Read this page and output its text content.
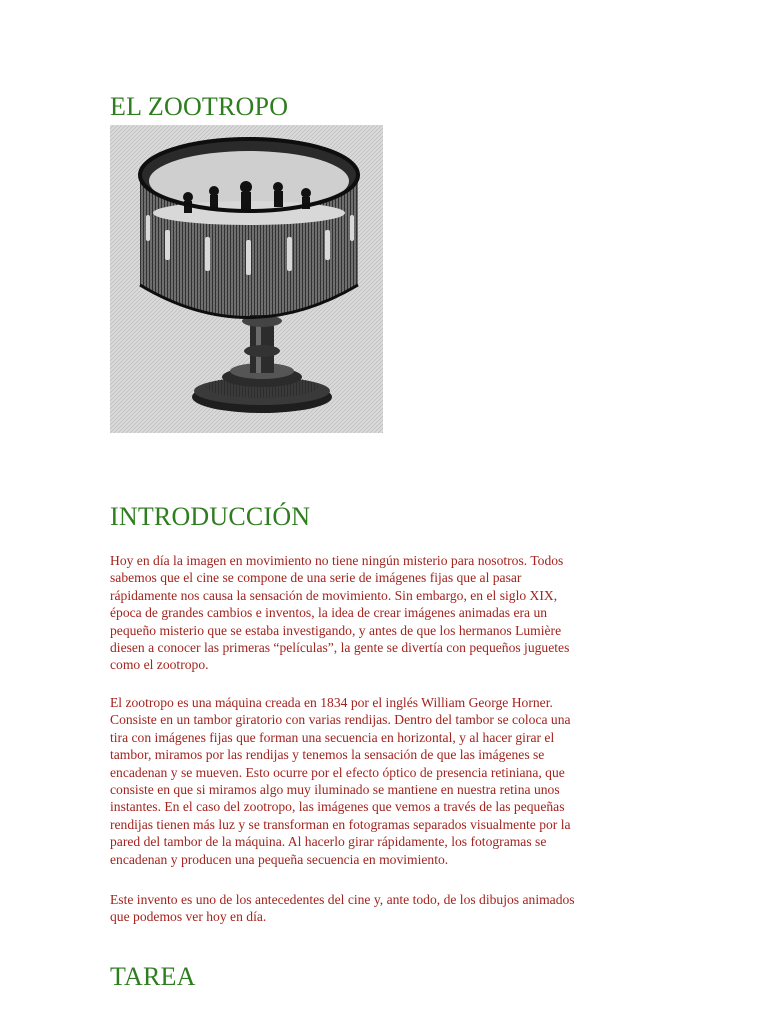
EL ZOOTROPO
INTRODUCCIÓN

Hoy en día la imagen en movimiento no tiene ningún misterio para nosotros. Todos
sabemos que el cine se compone de una serie de imágenes fijas que al pasar
rápidamente nos causa la sensación de movimiento. Sin embargo, en el siglo XIX,
época de grandes cambios e inventos, la idea de crear imágenes animadas era un
pequeño misterio que se estaba investigando, y antes de que los hermanos Lumière
diesen a conocer las primeras “películas”, la gente se divertía con pequeños juguetes
como el zootropo.

El zootropo es una máquina creada en 1834 por el inglés William George Horner.
Consiste en un tambor giratorio con varias rendijas. Dentro del tambor se coloca una
tira con imágenes fijas que forman una secuencia en horizontal, y al hacer girar el
tambor, miramos por las rendijas y tenemos la sensación de que las imágenes se
encadenan y se mueven. Esto ocurre por el efecto óptico de presencia retiniana, que
consiste en que si miramos algo muy iluminado se mantiene en nuestra retina unos
instantes. En el caso del zootropo, las imágenes que vemos a través de las pequeñas
rendijas tienen más luz y se transforman en fotogramas separados visualmente por la
pared del tambor de la máquina. Al hacerlo girar rápidamente, los fotogramas se
encadenan y producen una pequeña secuencia en movimiento.

Este invento es uno de los antecedentes del cine y, ante todo, de los dibujos animados
que podemos ver hoy en día.

TAREA
